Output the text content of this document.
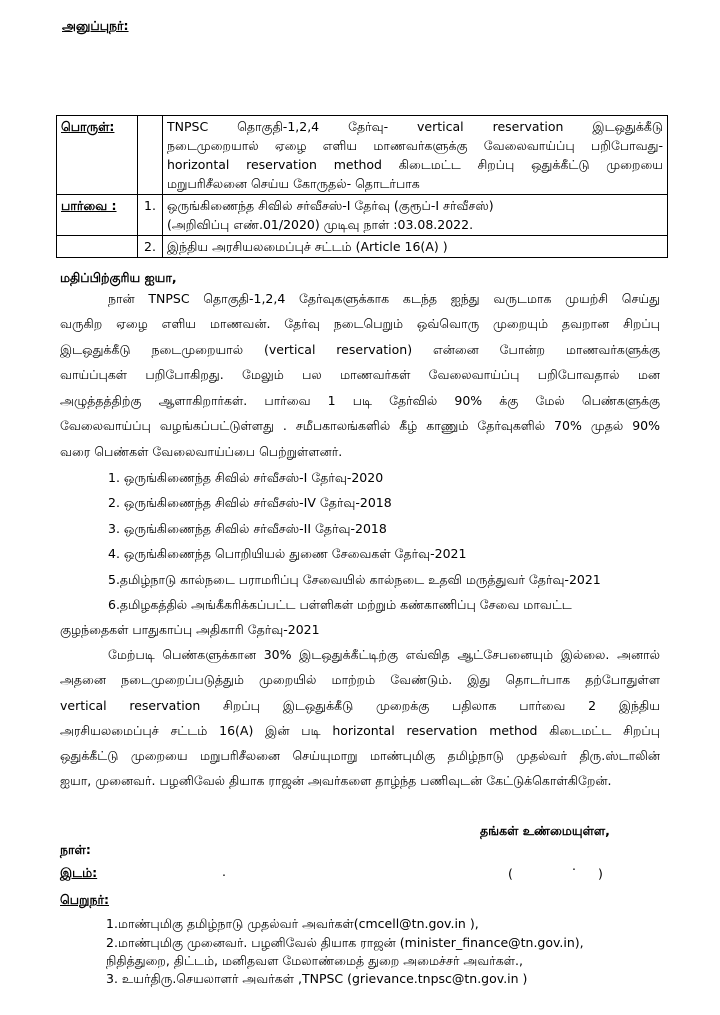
அனுப்புநர்:
பொருள்:		TNPSC தொகுதி-1,2,4 தேர்வு- vertical reservation இடஒதுக்கீடு
நடைமுறையால் ஏழை எளிய மாணவர்களுக்கு வேலைவாய்ப்பு பறிபோவது-
horizontal reservation method கிடைமட்ட சிறப்பு ஒதுக்கீட்டு முறையை
மறுபரிசீலனை செய்ய கோருதல்- தொடர்பாக

பார்வை :	1.	ஒருங்கிணைந்த சிவில் சர்வீசஸ்-I தேர்வு (குரூப்-I சர்வீசஸ்)
(அறிவிப்பு எண்.01/2020) முடிவு நாள் :03.08.2022.

	2.	இந்திய அரசியலமைப்புச் சட்டம் (Article 16(A) )
மதிப்பிற்குரிய ஐயா,
நான் TNPSC தொகுதி-1,2,4 தேர்வுகளுக்காக கடந்த ஐந்து வருடமாக முயற்சி செய்து
வருகிற ஏழை எளிய மாணவன். தேர்வு நடைபெறும் ஒவ்வொரு முறையும் தவறான சிறப்பு
இடஒதுக்கீடு நடைமுறையால் (vertical reservation) என்னை போன்ற மாணவர்களுக்கு
வாய்ப்புகள் பறிபோகிறது. மேலும் பல மாணவர்கள் வேலைவாய்ப்பு பறிபோவதால் மன
அழுத்தத்திற்கு ஆளாகிறார்கள். பார்வை 1 படி தேர்வில் 90% க்கு மேல் பெண்களுக்கு
வேலைவாய்ப்பு வழங்கப்பட்டுள்ளது . சமீபகாலங்களில் கீழ் காணும் தேர்வுகளில் 70% முதல் 90%
வரை பெண்கள் வேலைவாய்ப்பை பெற்றுள்ளனர்.
1. ஒருங்கிணைந்த சிவில் சர்வீசஸ்-I தேர்வு-2020
2. ஒருங்கிணைந்த சிவில் சர்வீசஸ்-IV தேர்வு-2018
3. ஒருங்கிணைந்த சிவில் சர்வீசஸ்-II தேர்வு-2018
4. ஒருங்கிணைந்த பொறியியல் துணை சேவைகள் தேர்வு-2021
5.தமிழ்நாடு கால்நடை பராமரிப்பு சேவையில் கால்நடை உதவி மருத்துவர் தேர்வு-2021
6.தமிழகத்தில் அங்கீகரிக்கப்பட்ட பள்ளிகள் மற்றும் கண்காணிப்பு சேவை மாவட்ட
குழந்தைகள் பாதுகாப்பு அதிகாரி தேர்வு-2021
மேற்படி பெண்களுக்கான 30% இடஒதுக்கீட்டிற்கு எவ்வித ஆட்சேபனையும் இல்லை. அனால்
அதனை நடைமுறைப்படுத்தும் முறையில் மாற்றம் வேண்டும். இது தொடர்பாக தற்போதுள்ள
vertical reservation சிறப்பு இடஒதுக்கீடு முறைக்கு பதிலாக பார்வை 2 இந்திய
அரசியலமைப்புச் சட்டம் 16(A) இன் படி horizontal reservation method கிடைமட்ட சிறப்பு
ஒதுக்கீட்டு முறையை மறுபரிசீலனை செய்யுமாறு மாண்புமிகு தமிழ்நாடு முதல்வர் திரு.ஸ்டாலின்
ஐயா, முனைவர். பழனிவேல் தியாக ராஜன் அவர்களை தாழ்ந்த பணிவுடன் கேட்டுக்கொள்கிறேன்.
தங்கள் உண்மையுள்ள,
நாள்:
இடம்:	.	(
.
)
பெறுநர்:
1.மாண்புமிகு தமிழ்நாடு முதல்வர் அவர்கள்(cmcell@tn.gov.in ),
2.மாண்புமிகு முனைவர். பழனிவேல் தியாக ராஜன் (minister_finance@tn.gov.in),
நிதித்துறை, திட்டம், மனிதவள மேலாண்மைத் துறை அமைச்சர் அவர்கள்.,
3. உயர்திரு.செயலாளர் அவர்கள் ,TNPSC (grievance.tnpsc@tn.gov.in )
